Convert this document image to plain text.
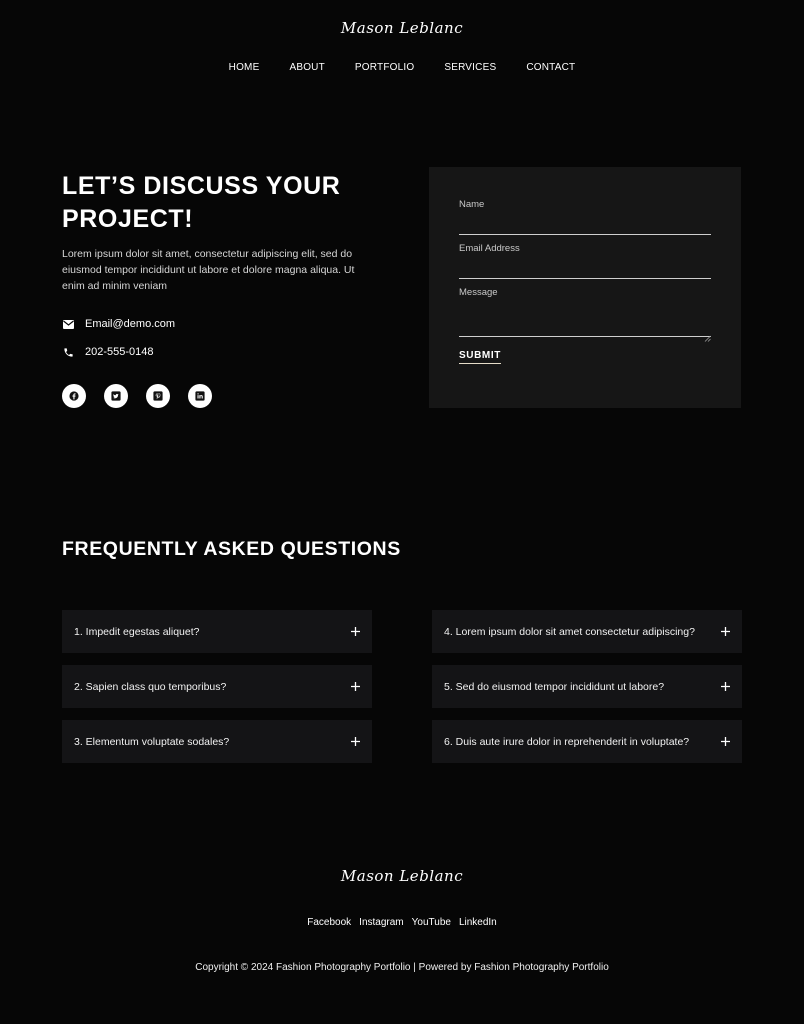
Mason Leblanc
HOME	ABOUT	PORTFOLIO	SERVICES	CONTACT
LET’S DISCUSS YOUR PROJECT!

Lorem ipsum dolor sit amet, consectetur adipiscing elit, sed do eiusmod tempor incididunt ut labore et dolore magna aliqua. Ut enim ad minim veniam

Email@demo.com
202-555-0148
Name
Email Address
Message
SUBMIT
FREQUENTLY ASKED QUESTIONS
1. Impedit egestas aliquet?
2. Sapien class quo temporibus?
3. Elementum voluptate sodales?
4. Lorem ipsum dolor sit amet consectetur adipiscing?
5. Sed do eiusmod tempor incididunt ut labore?
6. Duis aute irure dolor in reprehenderit in voluptate?
Mason Leblanc
Facebook Instagram YouTube LinkedIn
Copyright © 2024 Fashion Photography Portfolio | Powered by Fashion Photography Portfolio
